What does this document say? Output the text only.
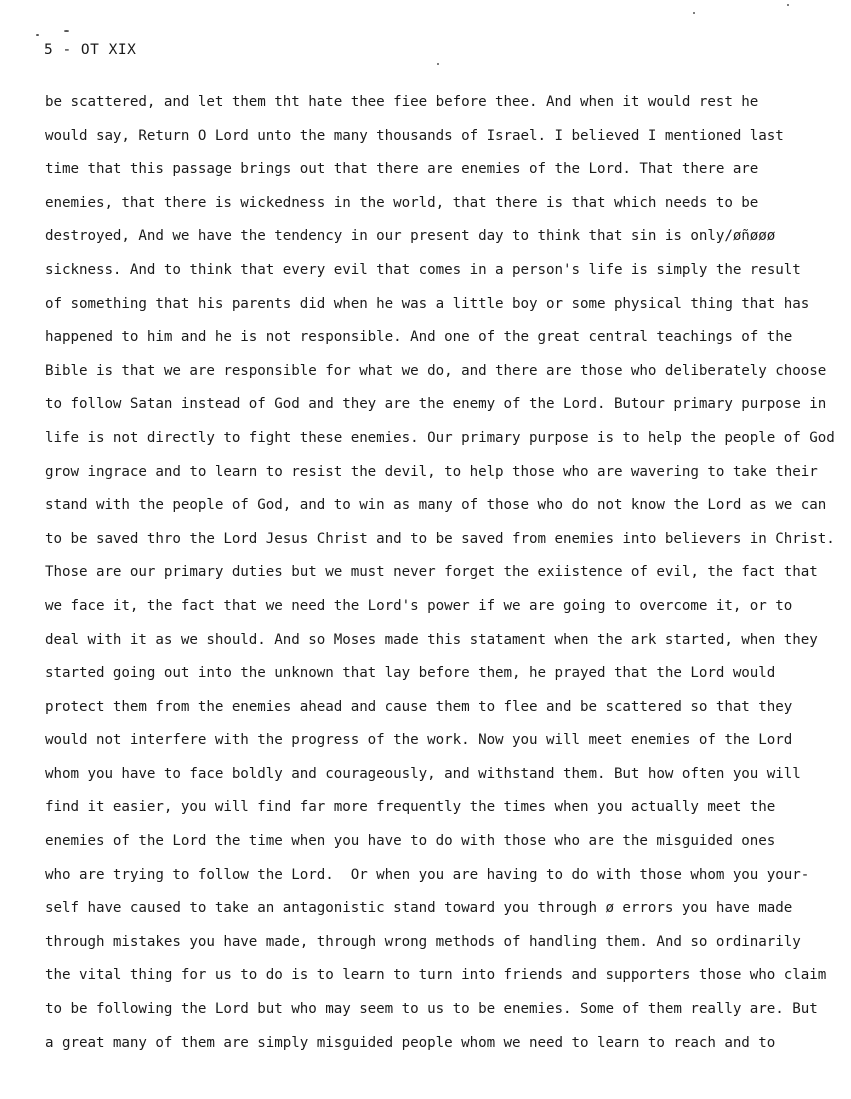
5 - OT XIX
be scattered, and let them tht hate thee fiee before thee. And when it would rest he
would say, Return O Lord unto the many thousands of Israel. I believed I mentioned last
time that this passage brings out that there are enemies of the Lord. That there are
enemies, that there is wickedness in the world, that there is that which needs to be
destroyed, And we have the tendency in our present day to think that sin is only/øñøøø
sickness. And to think that every evil that comes in a person's life is simply the result
of something that his parents did when he was a little boy or some physical thing that has
happened to him and he is not responsible. And one of the great central teachings of the
Bible is that we are responsible for what we do, and there are those who deliberately choose
to follow Satan instead of God and they are the enemy of the Lord. Butour primary purpose in
life is not directly to fight these enemies. Our primary purpose is to help the people of God
grow ingrace and to learn to resist the devil, to help those who are wavering to take their
stand with the people of God, and to win as many of those who do not know the Lord as we can
to be saved thro the Lord Jesus Christ and to be saved from enemies into believers in Christ.
Those are our primary duties but we must never forget the exiistence of evil, the fact that
we face it, the fact that we need the Lord's power if we are going to overcome it, or to
deal with it as we should. And so Moses made this statament when the ark started, when they
started going out into the unknown that lay before them, he prayed that the Lord would
protect them from the enemies ahead and cause them to flee and be scattered so that they
would not interfere with the progress of the work. Now you will meet enemies of the Lord
whom you have to face boldly and courageously, and withstand them. But how often you will
find it easier, you will find far more frequently the times when you actually meet the
enemies of the Lord the time when you have to do with those who are the misguided ones
who are trying to follow the Lord.  Or when you are having to do with those whom you your-
self have caused to take an antagonistic stand toward you through ø errors you have made
through mistakes you have made, through wrong methods of handling them. And so ordinarily
the vital thing for us to do is to learn to turn into friends and supporters those who claim
to be following the Lord but who may seem to us to be enemies. Some of them really are. But
a great many of them are simply misguided people whom we need to learn to reach and to
